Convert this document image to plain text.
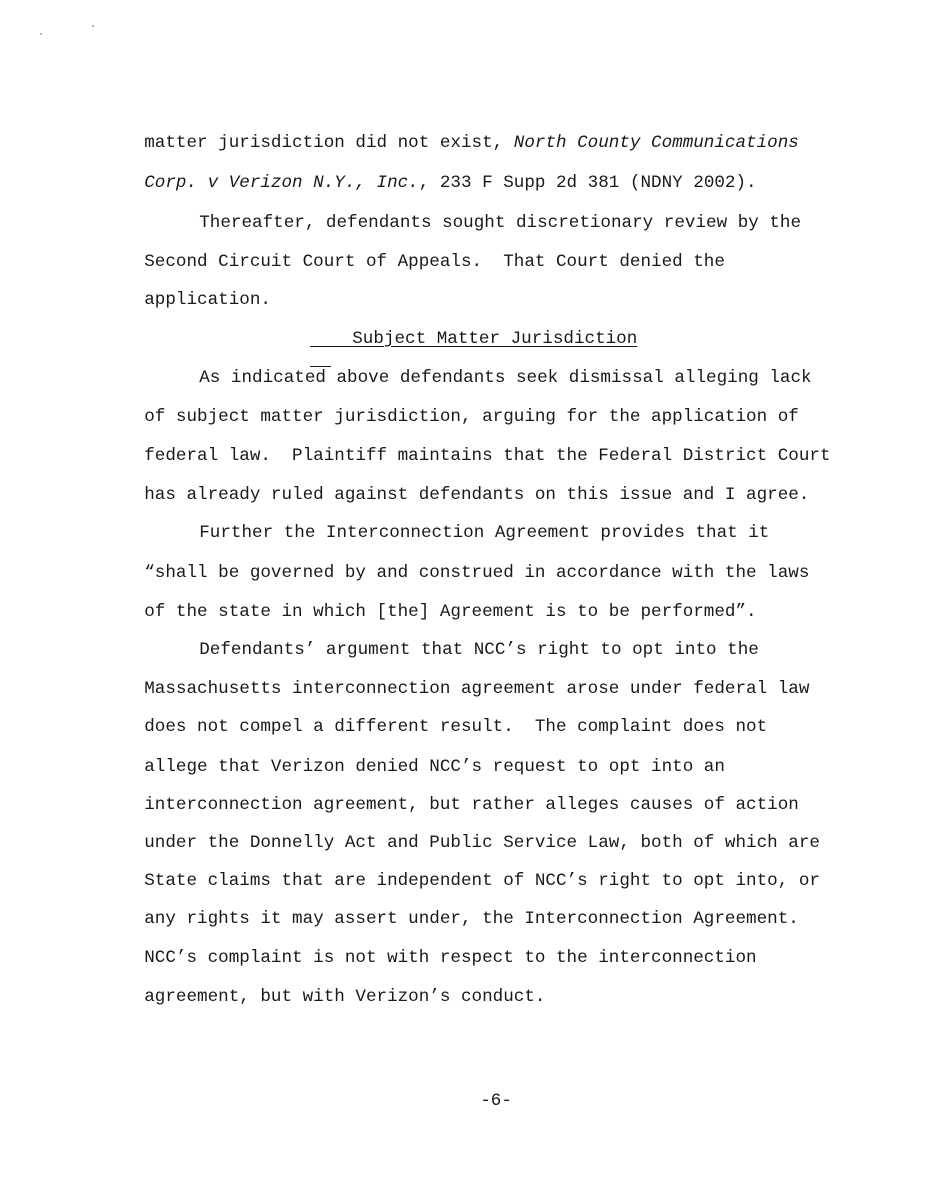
matter jurisdiction did not exist, North County Communications

Corp. v Verizon N.Y., Inc., 233 F Supp 2d 381 (NDNY 2002).

Thereafter, defendants sought discretionary review by the

Second Circuit Court of Appeals.  That Court denied the

application.

Subject Matter Jurisdiction

As indicated above defendants seek dismissal alleging lack

of subject matter jurisdiction, arguing for the application of

federal law.  Plaintiff maintains that the Federal District Court

has already ruled against defendants on this issue and I agree.

Further the Interconnection Agreement provides that it

“shall be governed by and construed in accordance with the laws

of the state in which [the] Agreement is to be performed”.

Defendants’ argument that NCC’s right to opt into the

Massachusetts interconnection agreement arose under federal law

does not compel a different result.  The complaint does not

allege that Verizon denied NCC’s request to opt into an

interconnection agreement, but rather alleges causes of action

under the Donnelly Act and Public Service Law, both of which are

State claims that are independent of NCC’s right to opt into, or

any rights it may assert under, the Interconnection Agreement.

NCC’s complaint is not with respect to the interconnection

agreement, but with Verizon’s conduct.

-6-
